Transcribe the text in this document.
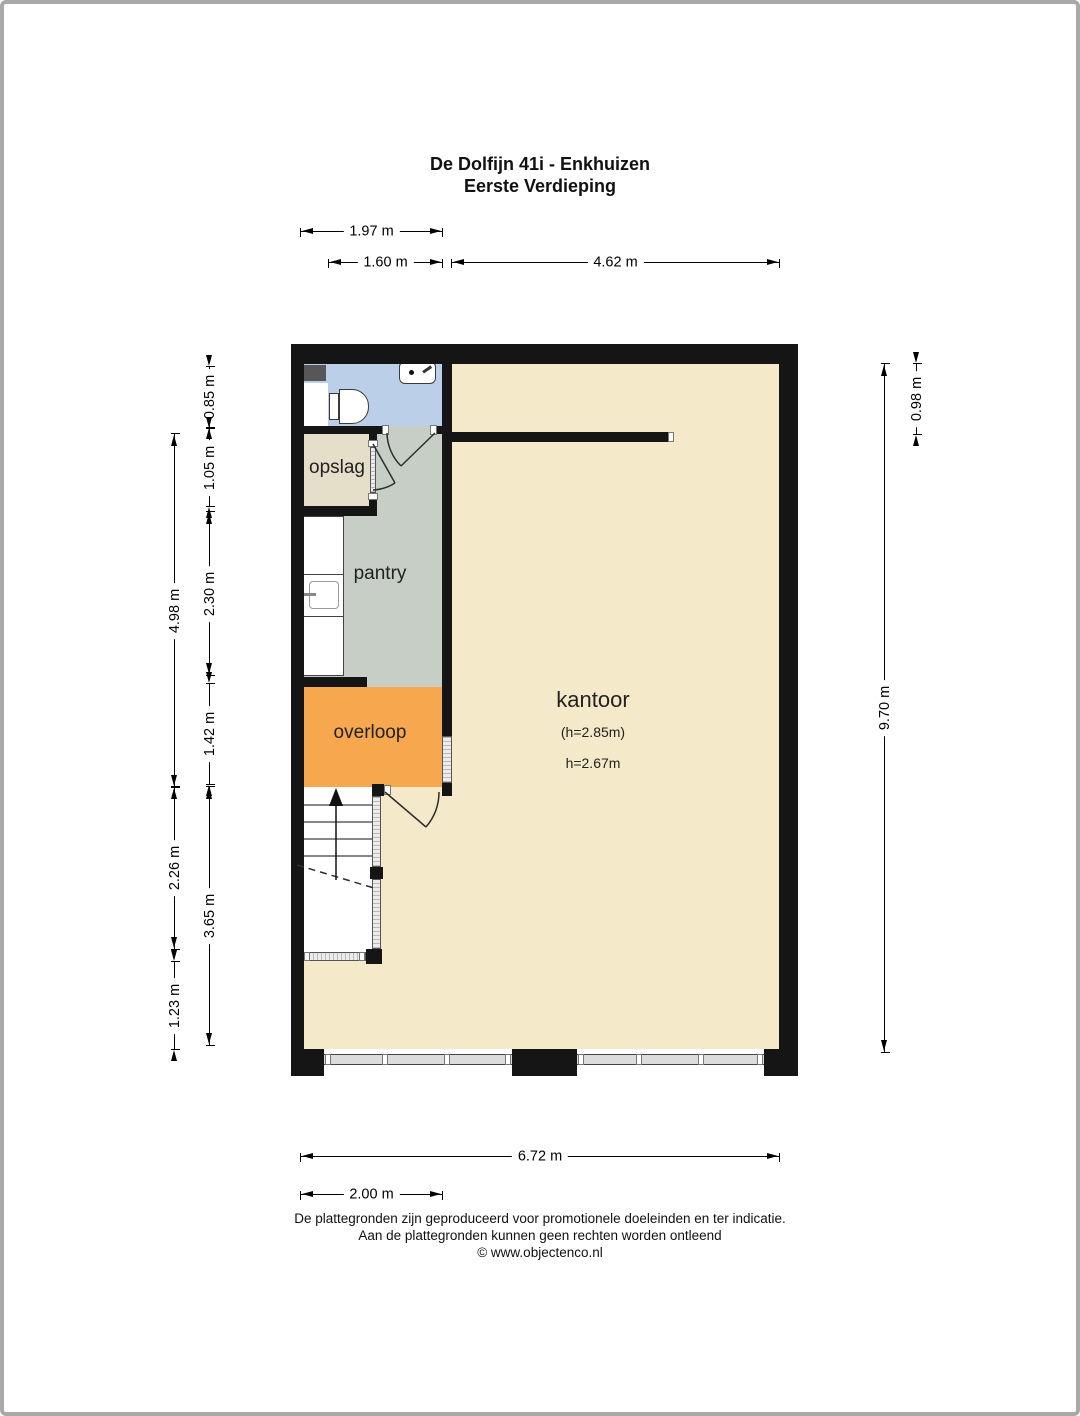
De Dolfijn 41i - Enkhuizen
Eerste Verdieping
opslag
pantry
overloop
kantoor
(h=2.85m)
h=2.67m
1.97 m
1.60 m	4.62 m
6.72 m
2.00 m
4.98 m
2.26 m
1.23 m
0.85 m
1.05 m
2.30 m
1.42 m
3.65 m
9.70 m
0.98 m
De plattegronden zijn geproduceerd voor promotionele doeleinden en ter indicatie.
Aan de plattegronden kunnen geen rechten worden ontleend
© www.objectenco.nl
